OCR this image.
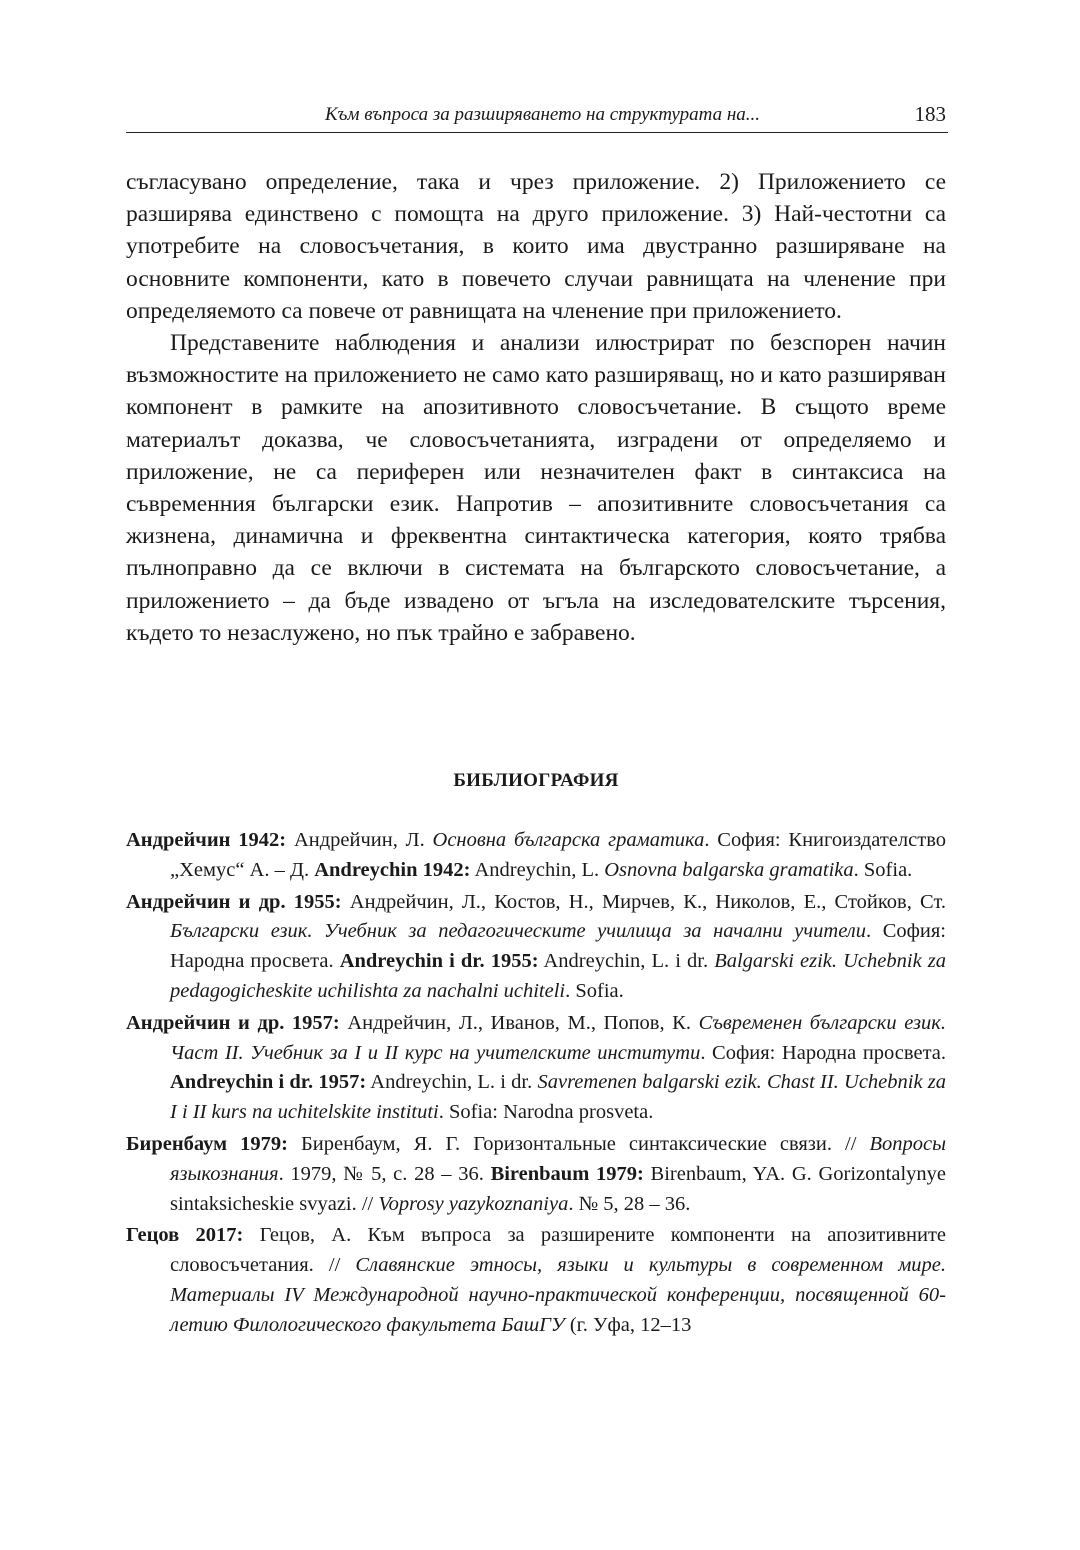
Към въпроса за разширяването на структурата на...	183

съгласувано определение, така и чрез приложение. 2) Приложението се разширява единствено с помощта на друго приложение. 3) Най-честотни са употребите на словосъчетания, в които има двустранно разширяване на основните компоненти, като в повечето случаи равнищата на членение при определяемото са повече от равнищата на членение при приложението.

Представените наблюдения и анализи илюстрират по безспорен начин възможностите на приложението не само като разширяващ, но и като разширяван компонент в рамките на апозитивното словосъчетание. В същото време материалът доказва, че словосъчетанията, изградени от определяемо и приложение, не са периферен или незначителен факт в синтаксиса на съвременния български език. Напротив – апозитивните словосъчетания са жизнена, динамична и фреквентна синтактическа категория, която трябва пълноправно да се включи в системата на българското словосъчетание, а приложението – да бъде извадено от ъгъла на изследователските търсения, където то незаслужено, но пък трайно е забравено.

БИБЛИОГРАФИЯ

Андрейчин 1942: Андрейчин, Л. Основна българска граматика. София: Книгоиздателство „Хемус“ А. – Д. Andreychin 1942: Andreychin, L. Osnovna balgarska gramatika. Sofia.

Андрейчин и др. 1955: Андрейчин, Л., Костов, Н., Мирчев, К., Николов, Е., Стойков, Ст. Български език. Учебник за педагогическите училища за начални учители. София: Народна просвета. Andreychin i dr. 1955: Andreychin, L. i dr. Balgarski ezik. Uchebnik za pedagogicheskite uchilishta za nachalni uchiteli. Sofia.

Андрейчин и др. 1957: Андрейчин, Л., Иванов, М., Попов, К. Съвременен български език. Част II. Учебник за I и II курс на учителските институти. София: Народна просвета. Andreychin i dr. 1957: Andreychin, L. i dr. Savremenen balgarski ezik. Chast II. Uchebnik za I i II kurs na uchitelskite instituti. Sofia: Narodna prosveta.

Биренбаум 1979: Биренбаум, Я. Г. Горизонтальные синтаксические связи. // Вопросы языкознания. 1979, № 5, с. 28 – 36. Birenbaum 1979: Birenbaum, YA. G. Gorizontalynye sintaksicheskie svyazi. // Voprosy yazykoznaniya. № 5, 28 – 36.

Гецов 2017: Гецов, А. Към въпроса за разширените компоненти на апозитивните словосъчетания. // Славянские этносы, языки и культуры в современном мире. Материалы IV Международной научно-практической конференции, посвященной 60-летию Филологического факультета БашГУ (г. Уфа, 12–13
